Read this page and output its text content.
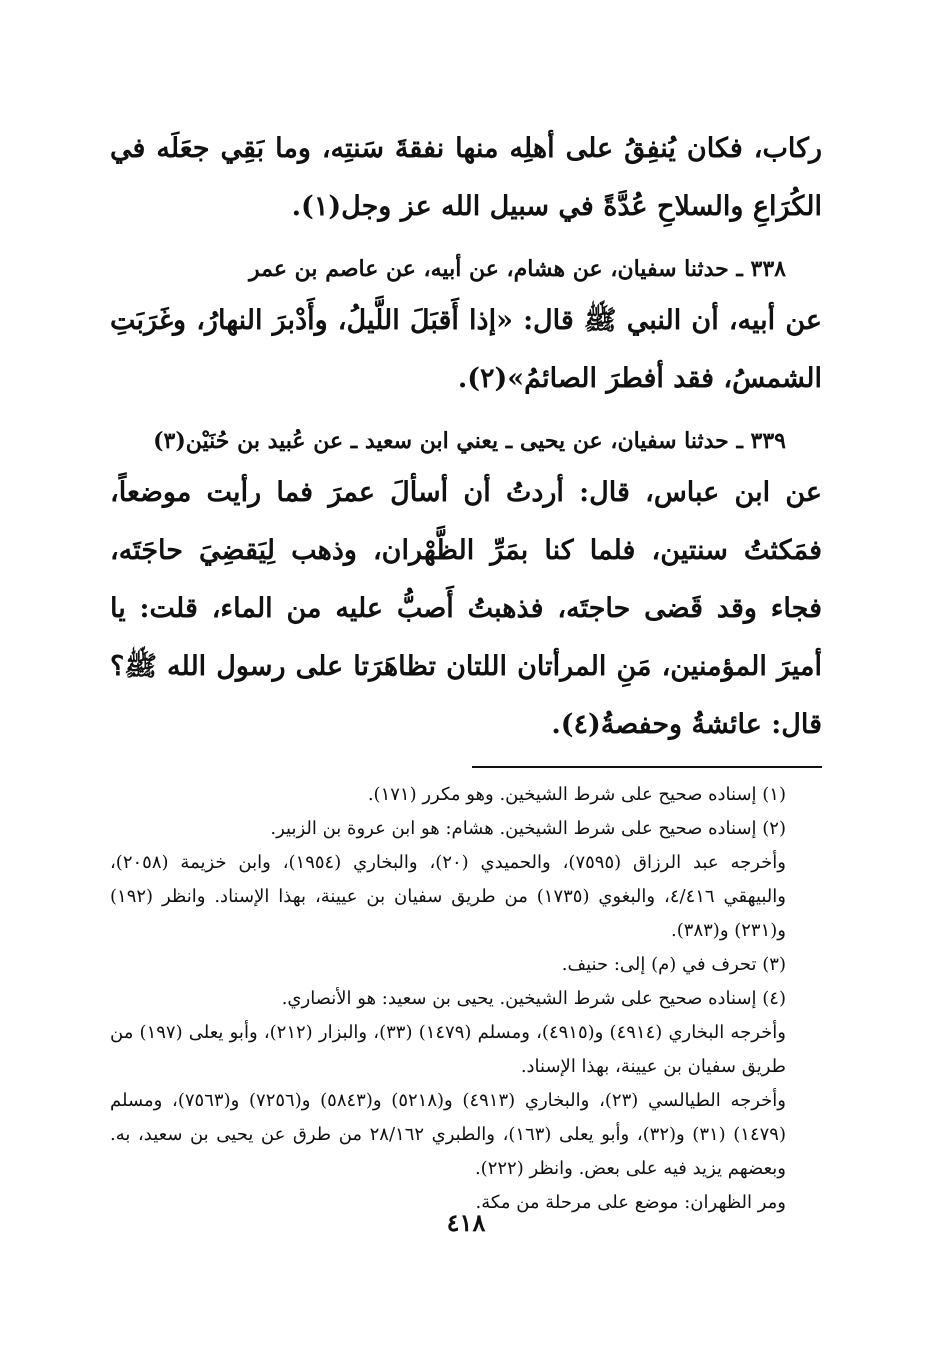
ركاب، فكان يُنفِقُ على أهلِه منها نفقةَ سَنتِه، وما بَقِي جعَلَه في الكُرَاعِ والسلاحِ عُدَّةً في سبيل الله عز وجل(١).

٣٣٨ ـ حدثنا سفيان، عن هشام، عن أبيه، عن عاصم بن عمر

عن أبيه، أن النبي ﷺ قال: «إذا أَقبَلَ اللَّيلُ، وأَدْبرَ النهارُ، وغَرَبَتِ الشمسُ، فقد أفطرَ الصائمُ»(٢).

٣٣٩ ـ حدثنا سفيان، عن يحيى ـ يعني ابن سعيد ـ عن عُبيد بن حُنَيْن(٣)

عن ابن عباس، قال: أردتُ أن أسألَ عمرَ فما رأيت موضعاً، فمَكثتُ سنتين، فلما كنا بمَرِّ الظَّهْران، وذهب لِيَقضِيَ حاجَتَه، فجاء وقد قَضى حاجتَه، فذهبتُ أَصبُّ عليه من الماء، قلت: يا أميرَ المؤمنين، مَنِ المرأتان اللتان تظاهَرَتا على رسول الله ﷺ؟ قال: عائشةُ وحفصةُ(٤).

(١) إسناده صحيح على شرط الشيخين. وهو مكرر (١٧١).

(٢) إسناده صحيح على شرط الشيخين. هشام: هو ابن عروة بن الزبير.

وأخرجه عبد الرزاق (٧٥٩٥)، والحميدي (٢٠)، والبخاري (١٩٥٤)، وابن خزيمة (٢٠٥٨)، والبيهقي ٤/٤١٦، والبغوي (١٧٣٥) من طريق سفيان بن عيينة، بهذا الإسناد. وانظر (١٩٢) و(٢٣١) و(٣٨٣).

(٣) تحرف في (م) إلى: حنيف.

(٤) إسناده صحيح على شرط الشيخين. يحيى بن سعيد: هو الأنصاري.

وأخرجه البخاري (٤٩١٤) و(٤٩١٥)، ومسلم (١٤٧٩) (٣٣)، والبزار (٢١٢)، وأبو يعلى (١٩٧) من طريق سفيان بن عيينة، بهذا الإسناد.

وأخرجه الطيالسي (٢٣)، والبخاري (٤٩١٣) و(٥٢١٨) و(٥٨٤٣) و(٧٢٥٦) و(٧٥٦٣)، ومسلم (١٤٧٩) (٣١) و(٣٢)، وأبو يعلى (١٦٣)، والطبري ٢٨/١٦٢ من طرق عن يحيى بن سعيد، به. وبعضهم يزيد فيه على بعض. وانظر (٢٢٢).

ومر الظهران: موضع على مرحلة من مكة.

٤١٨
